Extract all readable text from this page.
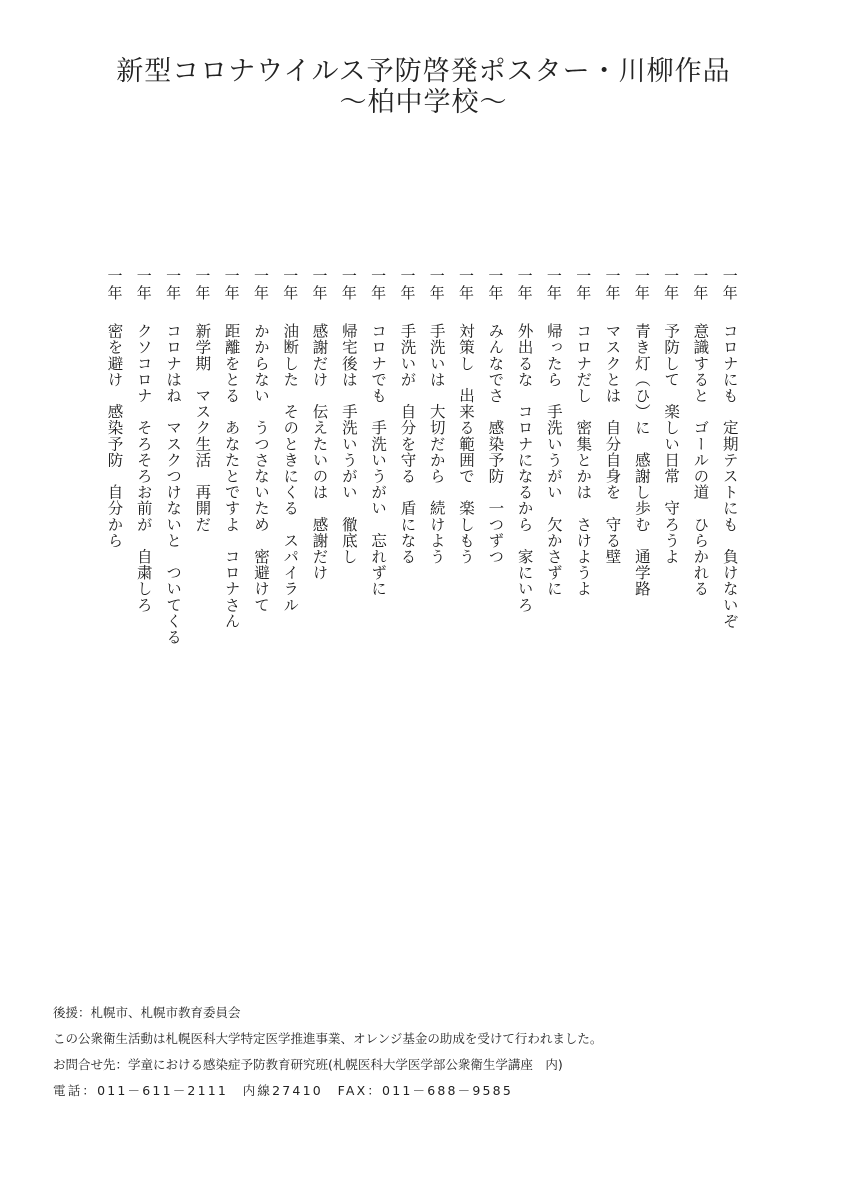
新型コロナウイルス予防啓発ポスター・川柳作品
～柏中学校～
一年
コロナにも　定期テストにも　負けないぞ
一年
意識すると　ゴールの道　ひらかれる
一年
予防して　楽しい日常　守ろうよ
一年
青き灯（ひ）に　感謝し歩む　通学路
一年
マスクとは　自分自身を　守る壁
一年
コロナだし　密集とかは　さけようよ
一年
帰ったら　手洗いうがい　欠かさずに
一年
外出るな　コロナになるから　家にいろ
一年
みんなでさ　感染予防　一つずつ
一年
対策し　出来る範囲で　楽しもう
一年
手洗いは　大切だから　続けよう
一年
手洗いが　自分を守る　盾になる
一年
コロナでも　手洗いうがい　忘れずに
一年
帰宅後は　手洗いうがい　徹底し
一年
感謝だけ　伝えたいのは　感謝だけ
一年
油断した　そのときにくる　スパイラル
一年
かからない　うつさないため　密避けて
一年
距離をとる　あなたとですよ　コロナさん
一年
新学期　マスク生活　再開だ
一年
コロナはね　マスクつけないと　ついてくる
一年
クソコロナ　そろそろお前が　自粛しろ
一年
密を避け　感染予防　自分から
後援：札幌市、札幌市教育委員会
この公衆衛生活動は札幌医科大学特定医学推進事業、オレンジ基金の助成を受けて行われました。
お問合せ先：学童における感染症予防教育研究班(札幌医科大学医学部公衆衛生学講座　内)
電話：011－611－2111　内線27410　FAX：011－688－9585
